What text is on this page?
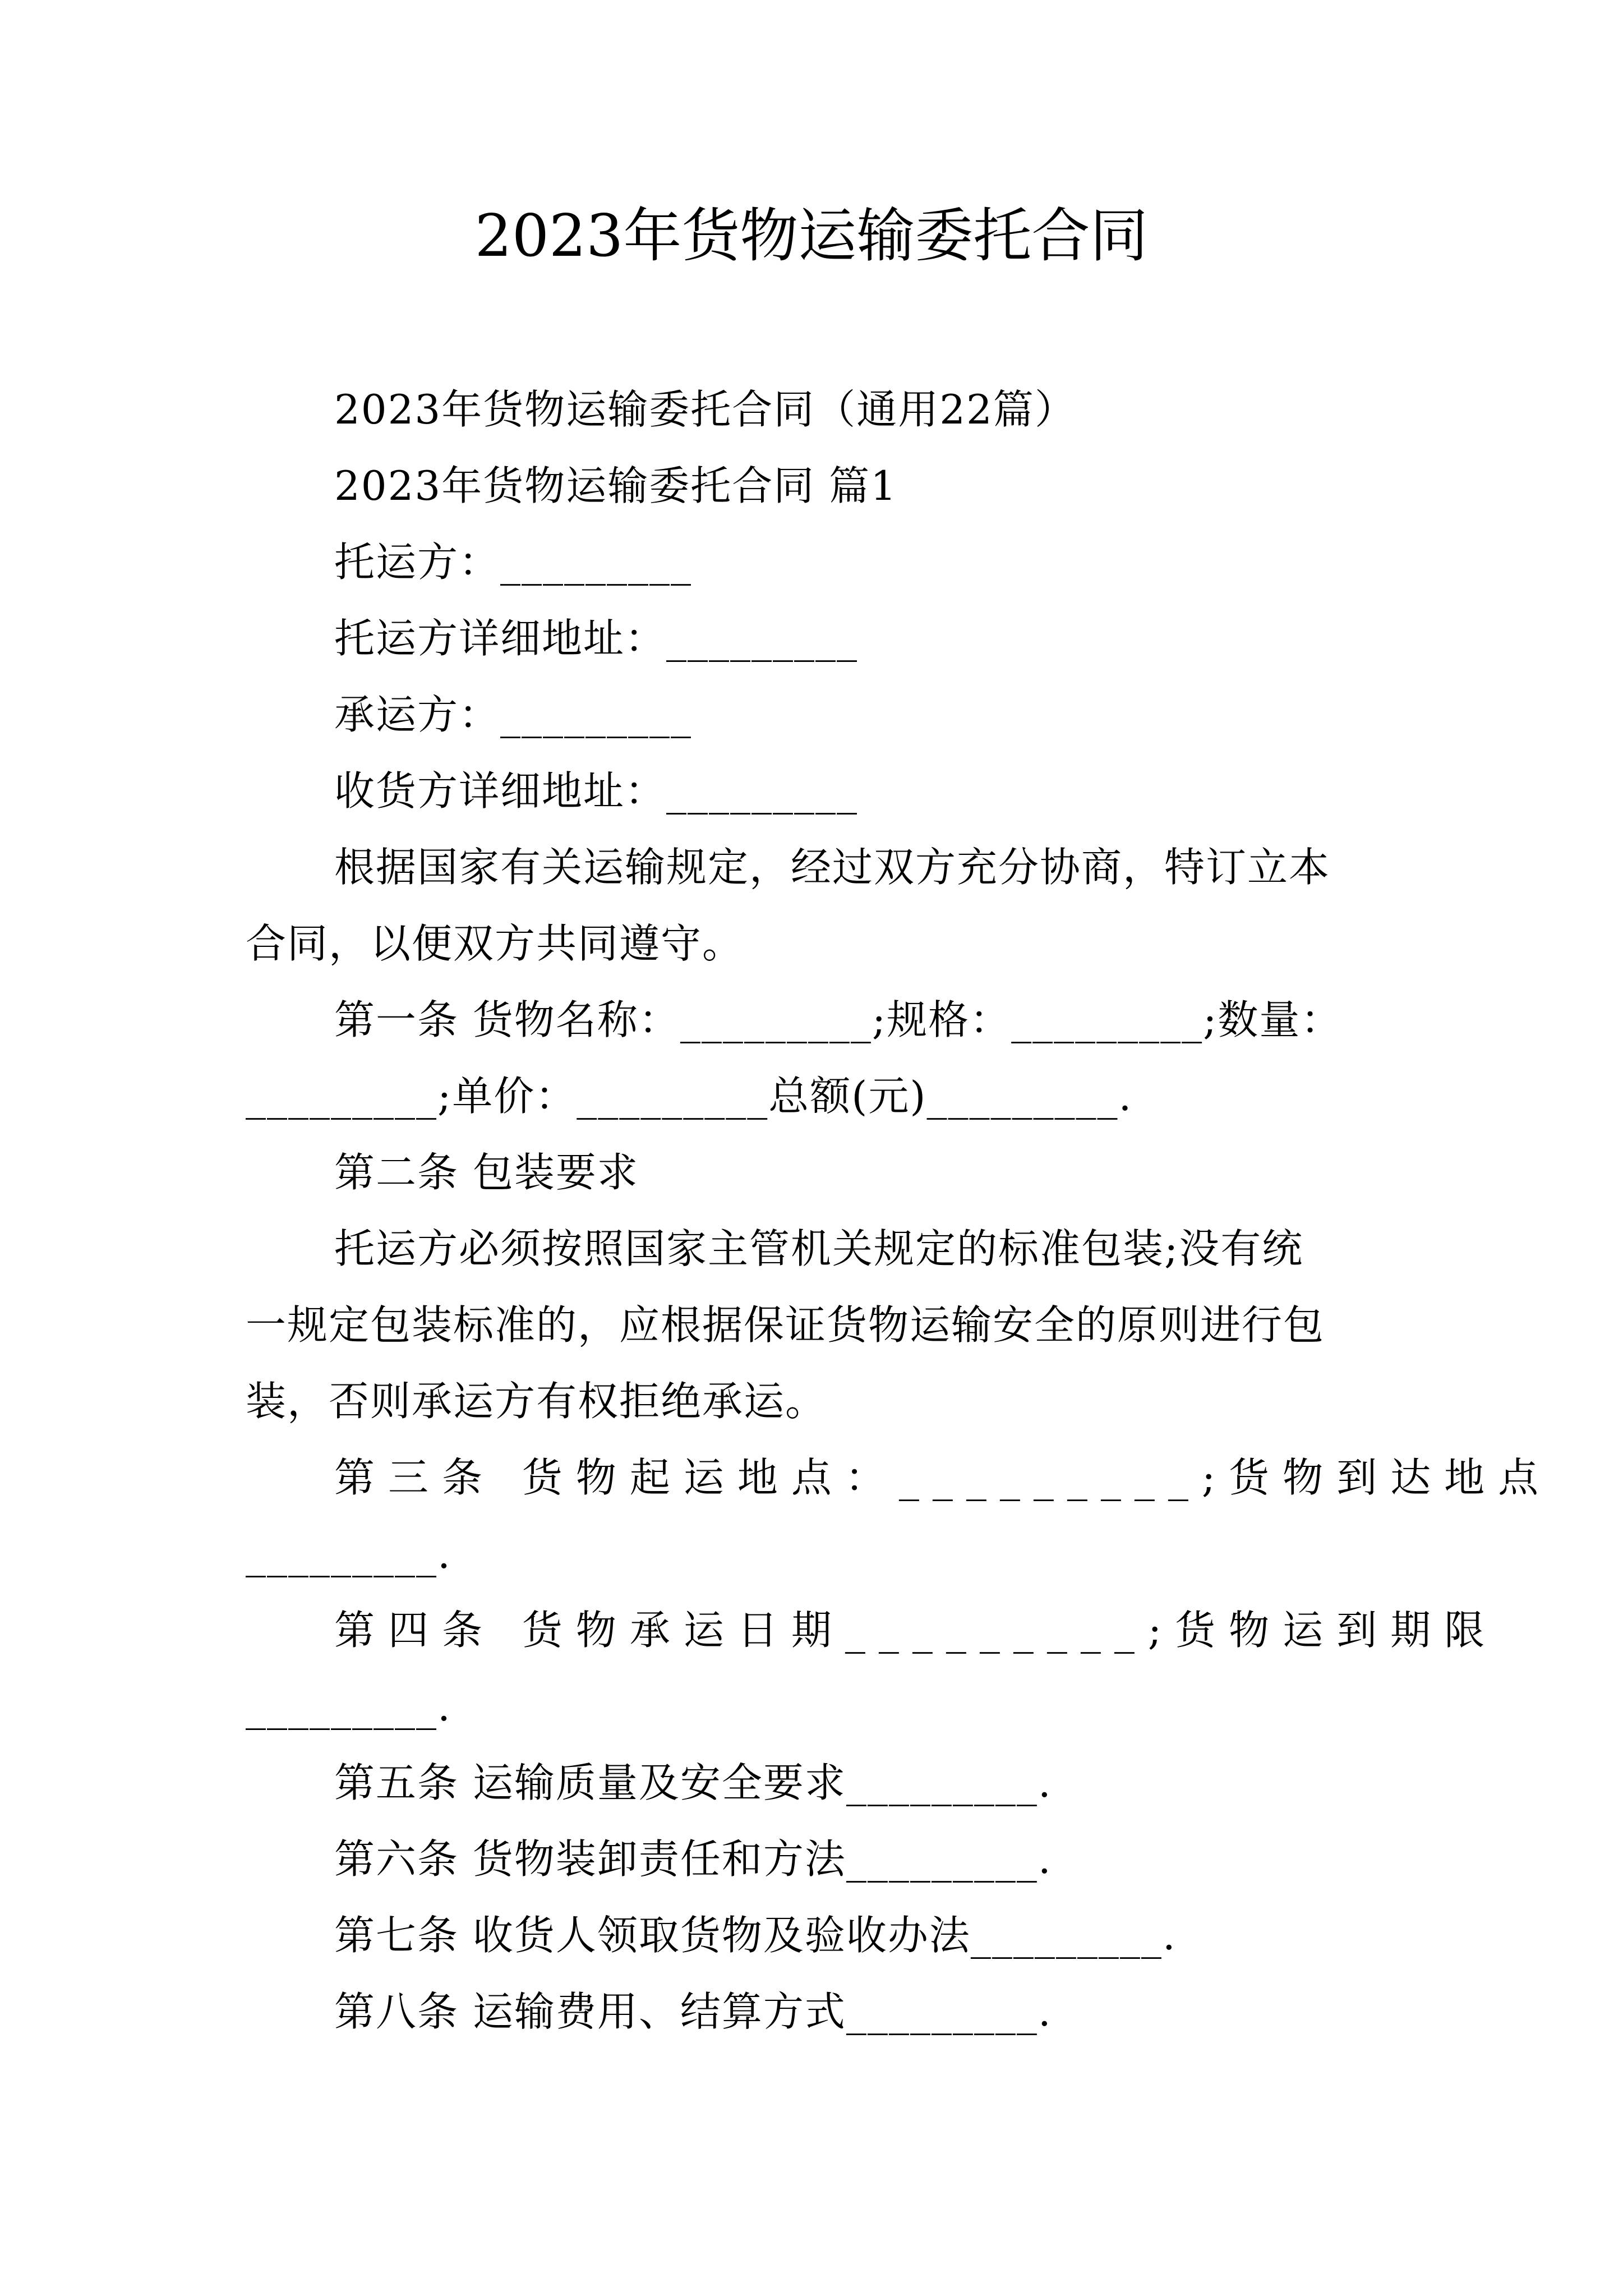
2023年货物运输委托合同
2023年货物运输委托合同（通用22篇）
2023年货物运输委托合同 篇1
托运方：_________
托运方详细地址：_________
承运方：_________
收货方详细地址：_________
根据国家有关运输规定，经过双方充分协商，特订立本
合同，以便双方共同遵守。
第一条 货物名称：_________;规格：_________;数量：
_________;单价：_________总额(元)_________.
第二条 包装要求
托运方必须按照国家主管机关规定的标准包装;没有统
一规定包装标准的，应根据保证货物运输安全的原则进行包
装，否则承运方有权拒绝承运。
第三条 货物起运地点：_________;货物到达地点
_________.
第四条 货物承运日期_________;货物运到期限
_________.
第五条 运输质量及安全要求_________.
第六条 货物装卸责任和方法_________.
第七条 收货人领取货物及验收办法_________.
第八条 运输费用、结算方式_________.
